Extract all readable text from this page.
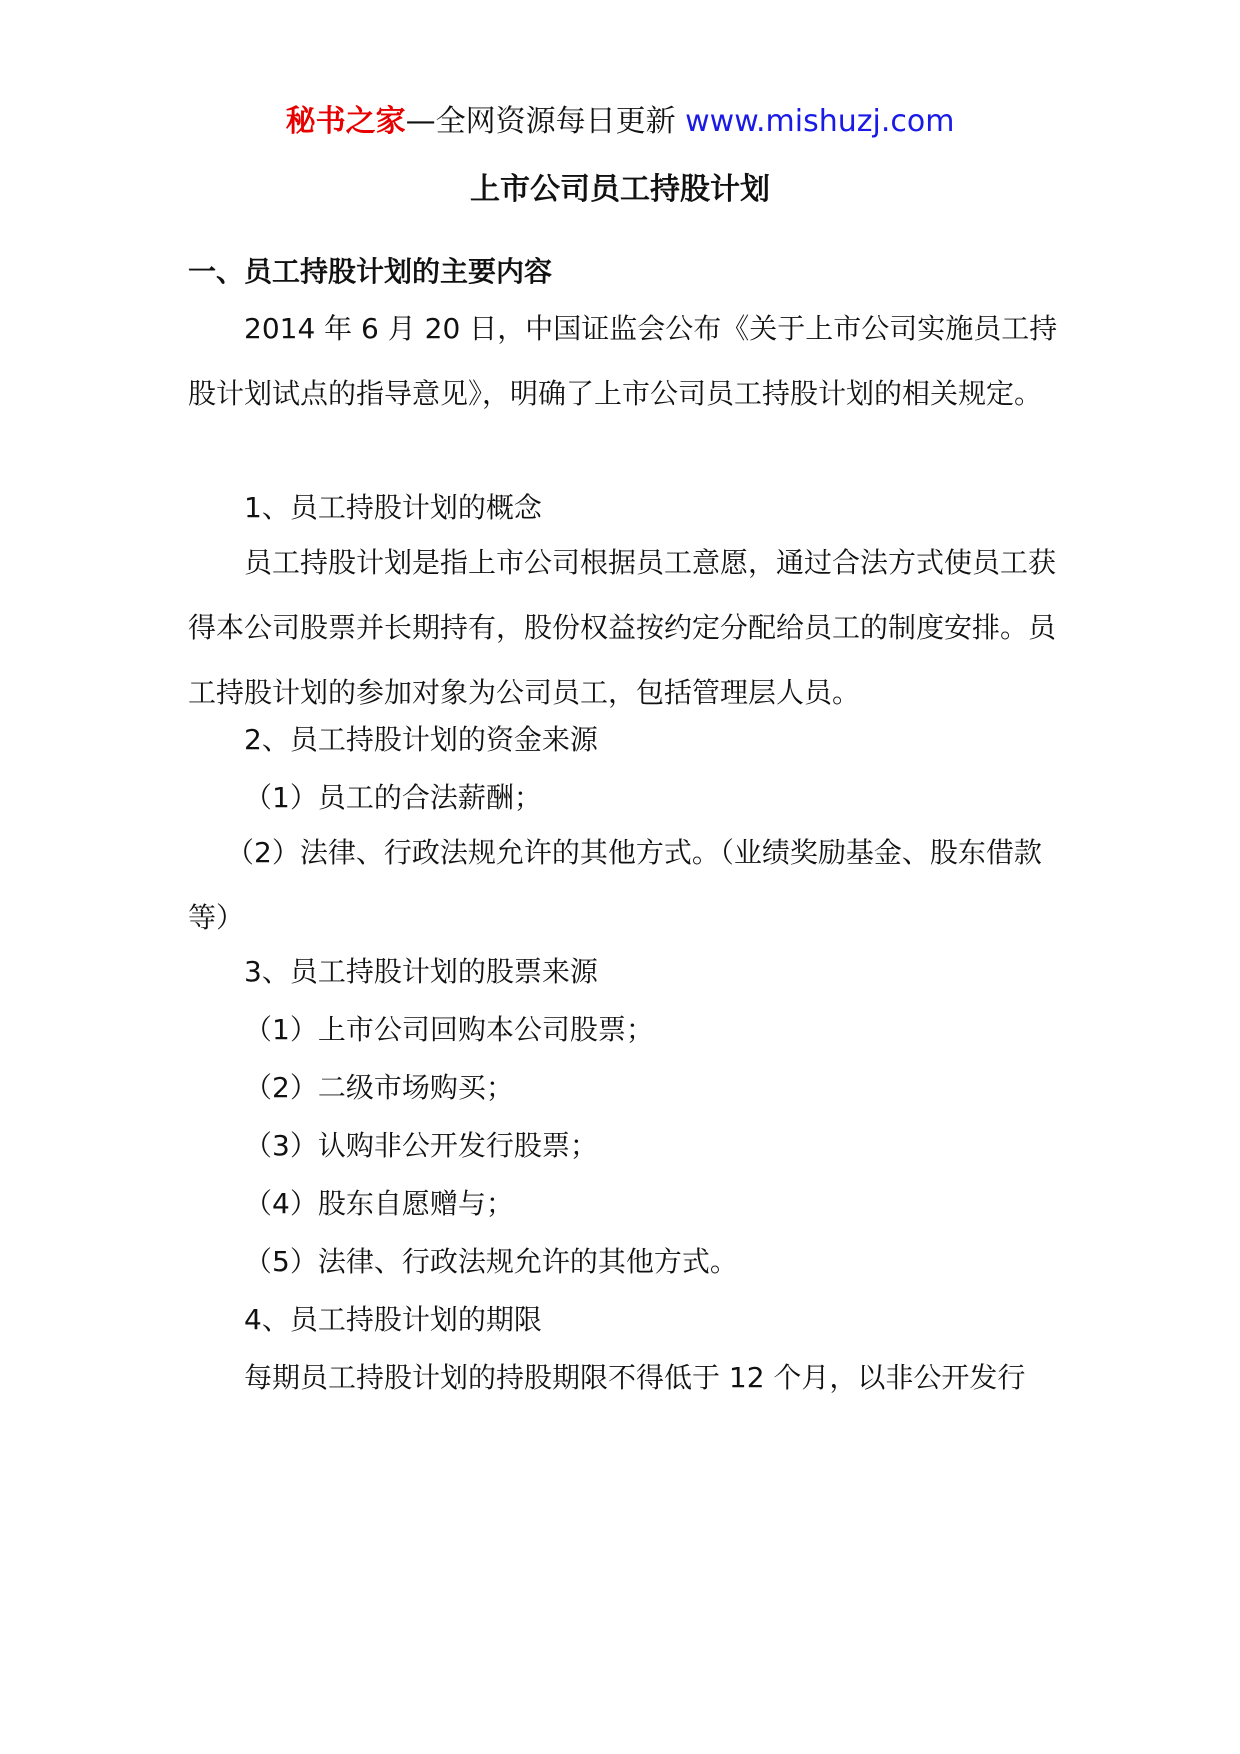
秘书之家—全网资源每日更新 www.mishuzj.com
上市公司员工持股计划
一、员工持股计划的主要内容

2014 年 6 月 20 日，中国证监会公布《关于上市公司实施员工持股计划试点的指导意见》，明确了上市公司员工持股计划的相关规定。

1、员工持股计划的概念

员工持股计划是指上市公司根据员工意愿，通过合法方式使员工获得本公司股票并长期持有，股份权益按约定分配给员工的制度安排。员工持股计划的参加对象为公司员工，包括管理层人员。

2、员工持股计划的资金来源
（1）员工的合法薪酬；

（2）法律、行政法规允许的其他方式。（业绩奖励基金、股东借款等）

3、员工持股计划的股票来源
（1）上市公司回购本公司股票；
（2）二级市场购买；
（3）认购非公开发行股票；
（4）股东自愿赠与；
（5）法律、行政法规允许的其他方式。
4、员工持股计划的期限
每期员工持股计划的持股期限不得低于 12 个月，以非公开发行
